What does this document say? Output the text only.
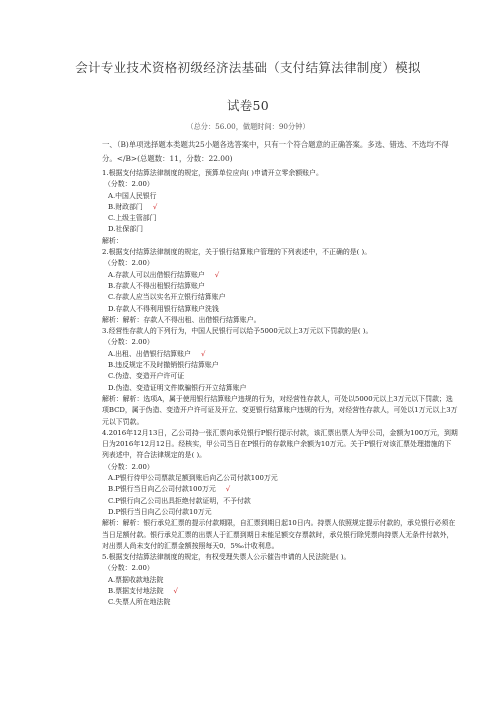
会计专业技术资格初级经济法基础（支付结算法律制度）模拟
试卷50
（总分：56.00，做题时间：90分钟）
一、（B)单项选择题本类题共25小题各选答案中，只有一个符合题意的正确答案。多选、错选、不选均不得分。</B>(总题数：11，分数：22.00)
1.根据支付结算法律制度的规定，预算单位应向( )申请开立零余额账户。
（分数：2.00）
A.中国人民银行
B.财政部门 √
C.上级主管部门
D.社保部门
解析：
2.根据支付结算法律制度的规定，关于银行结算账户管理的下列表述中，不正确的是( )。
（分数：2.00）
A.存款人可以出借银行结算账户 √
B.存款人不得出租银行结算账户
C.存款人应当以实名开立银行结算账户
D.存款人不得利用银行结算账户洗钱
解析：解析：存款人不得出租、出借银行结算账户。
3.经营性存款人的下列行为，中国人民银行可以给予5000元以上3万元以下罚款的是( )。
（分数：2.00）
A.出租、出借银行结算账户 √
B.违反规定不及时撤销银行结算账户
C.伪造、变造开户许可证
D.伪造、变造证明文件欺骗银行开立结算账户
解析：解析：选项A，属于使用银行结算账户违规的行为，对经营性存款人，可处以5000元以上3万元以下罚款；选项BCD，属于伪造、变造开户许可证及开立、变更银行结算账户违规的行为，对经营性存款人，可处以1万元以上3万元以下罚款。
4.2016年12月13日，乙公司持一张汇票向承兑银行P银行提示付款，该汇票出票人为甲公司，金额为100万元，到期日为2016年12月12日。经核实，甲公司当日在P银行的存款账户余额为10万元。关于P银行对该汇票处理措施的下列表述中，符合法律规定的是( )。
（分数：2.00）
A.P银行待甲公司票款足额到账后向乙公司付款100万元
B.P银行当日向乙公司付款100万元 √
C.P银行向乙公司出具拒绝付款证明，不予付款
D.P银行当日向乙公司付款10万元
解析：解析：银行承兑汇票的提示付款期限，自汇票到期日起10日内。持票人依照规定提示付款的，承兑银行必须在当日足额付款。银行承兑汇票的出票人于汇票到期日未能足额交存票款时，承兑银行除凭票向持票人无条件付款外，对出票人尚未支付的汇票金额按照每天0．5‰计收利息。
5.根据支付结算法律制度的规定，有权受理失票人公示催告申请的人民法院是( )。
（分数：2.00）
A.票据收款地法院
B.票据支付地法院 √
C.失票人所在地法院
